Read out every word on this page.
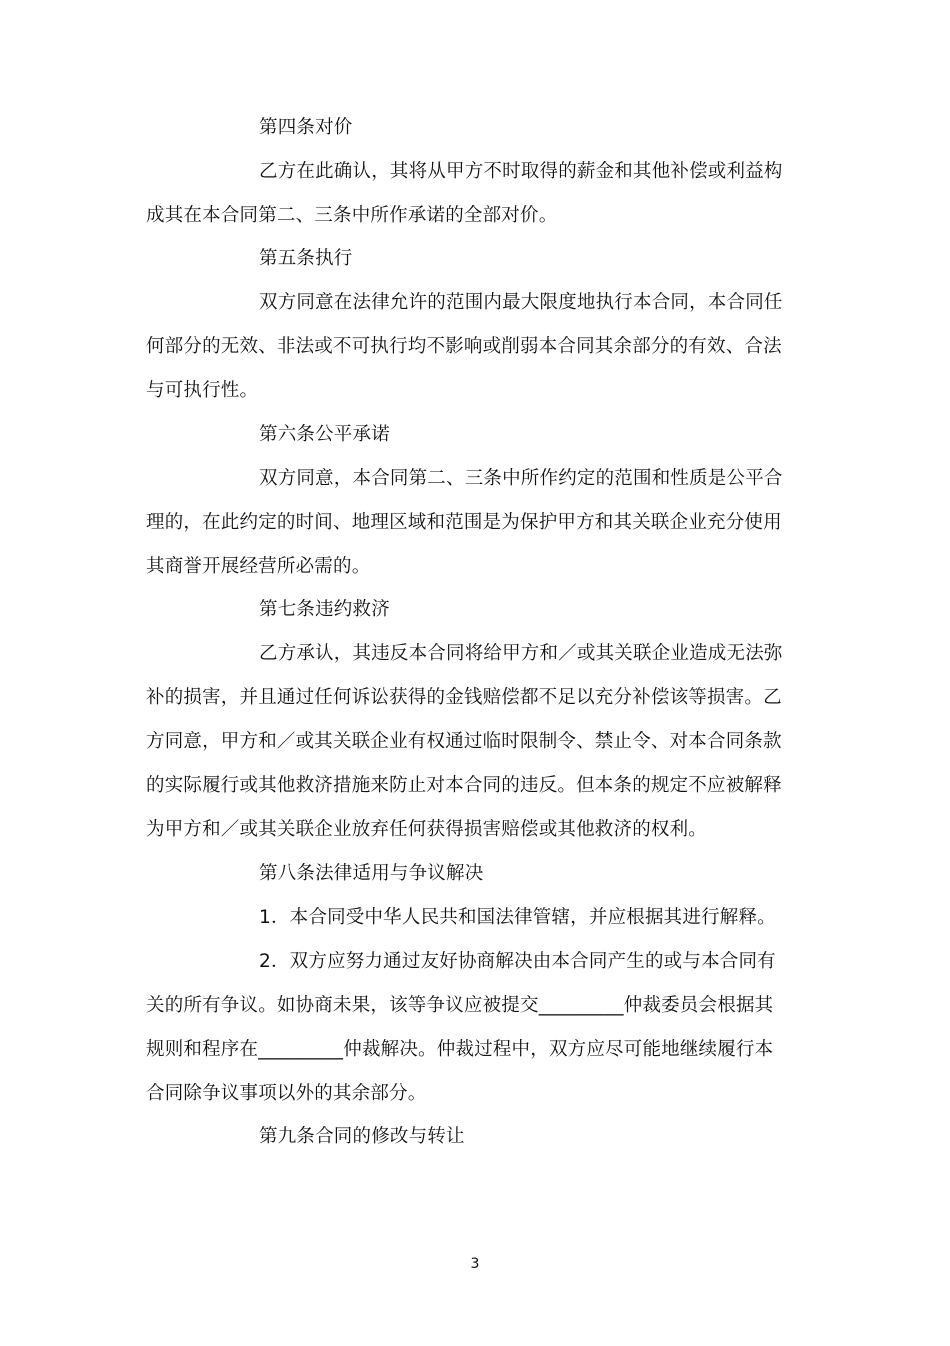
第四条对价
乙方在此确认，其将从甲方不时取得的薪金和其他补偿或利益构
成其在本合同第二、三条中所作承诺的全部对价。
第五条执行
双方同意在法律允许的范围内最大限度地执行本合同，本合同任
何部分的无效、非法或不可执行均不影响或削弱本合同其余部分的有效、合法
与可执行性。
第六条公平承诺
双方同意，本合同第二、三条中所作约定的范围和性质是公平合
理的，在此约定的时间、地理区域和范围是为保护甲方和其关联企业充分使用
其商誉开展经营所必需的。
第七条违约救济
乙方承认，其违反本合同将给甲方和／或其关联企业造成无法弥
补的损害，并且通过任何诉讼获得的金钱赔偿都不足以充分补偿该等损害。乙
方同意，甲方和／或其关联企业有权通过临时限制令、禁止令、对本合同条款
的实际履行或其他救济措施来防止对本合同的违反。但本条的规定不应被解释
为甲方和／或其关联企业放弃任何获得损害赔偿或其他救济的权利。
第八条法律适用与争议解决
1．本合同受中华人民共和国法律管辖，并应根据其进行解释。
2．双方应努力通过友好协商解决由本合同产生的或与本合同有
关的所有争议。如协商未果，该等争议应被提交_________仲裁委员会根据其
规则和程序在_________仲裁解决。仲裁过程中，双方应尽可能地继续履行本
合同除争议事项以外的其余部分。
第九条合同的修改与转让
3
